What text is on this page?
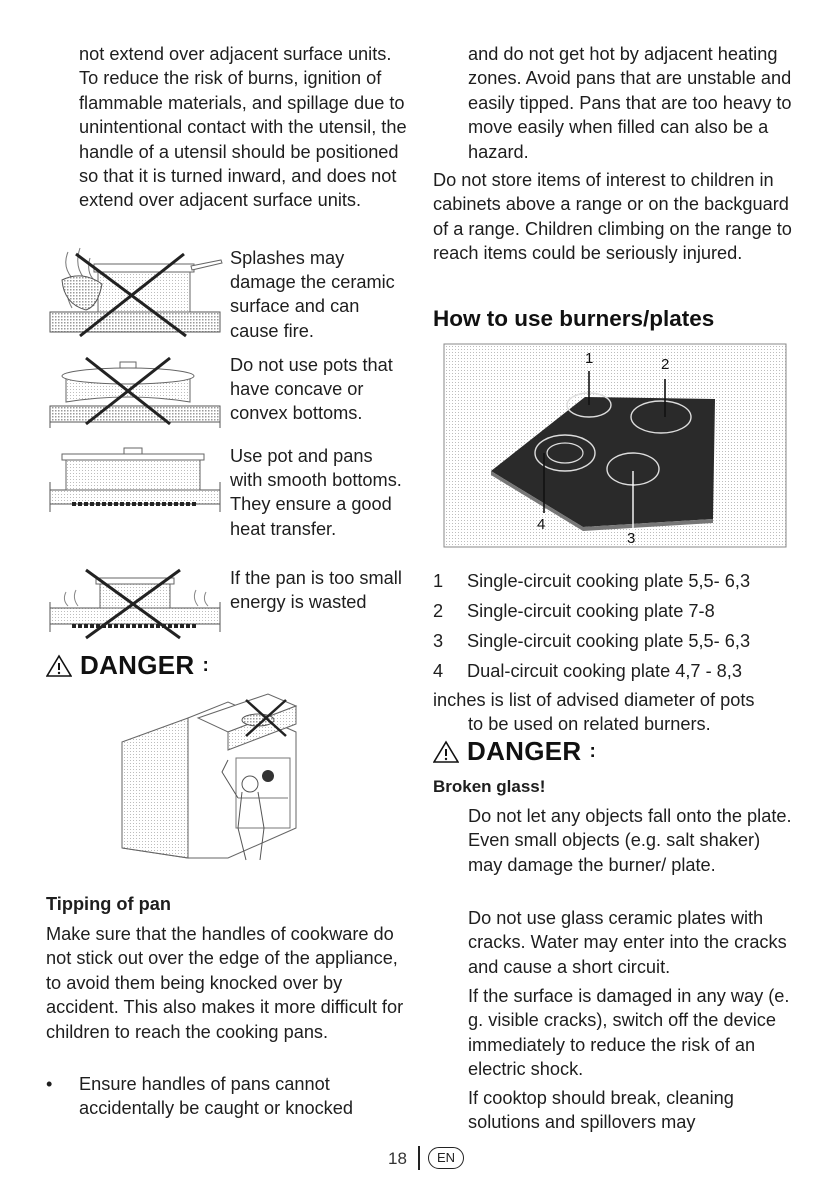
not extend over adjacent surface units. To reduce the risk of burns, ignition of flammable materials, and spillage due to unintentional contact with the utensil, the handle of a utensil should be positioned so that it is turned inward, and does not extend over adjacent surface units.

Splashes may damage the ceramic surface and can cause fire.

Do not use pots that have concave or convex bottoms.

Use pot and pans with smooth bottoms. They ensure a good heat transfer.

If the pan is too small energy is wasted

DANGER :
Tipping of pan

Make sure that the handles of cookware do not stick out over the edge of the appliance, to avoid them being knocked over by accident. This also makes it more difficult for children to reach the cooking pans.

•	Ensure handles of pans cannot accidentally be caught or knocked

and do not get hot by adjacent heating zones. Avoid pans that are unstable and easily tipped. Pans that are too heavy to move easily when filled can also be a hazard.

Do not store items of interest to children in cabinets above a range or on the backguard of a range. Children climbing on the range to reach items could be seriously injured.

How to use burners/plates
1	2
4
3
1	Single-circuit cooking plate 5,5- 6,3
2	Single-circuit cooking plate 7-8
3	Single-circuit cooking plate 5,5- 6,3
4	Dual-circuit cooking plate 4,7 - 8,3

inches is list of advised diameter of pots

to be used on related burners.

DANGER :
Broken glass!

Do not let any objects fall onto the plate. Even small objects (e.g. salt shaker) may damage the burner/ plate.

Do not use glass ceramic plates with cracks. Water may enter into the cracks and cause a short circuit.

If the surface is damaged in any way (e. g. visible cracks), switch off the device immediately to reduce the risk of an electric shock.

If cooktop should break, cleaning solutions and spillovers may

18	EN
